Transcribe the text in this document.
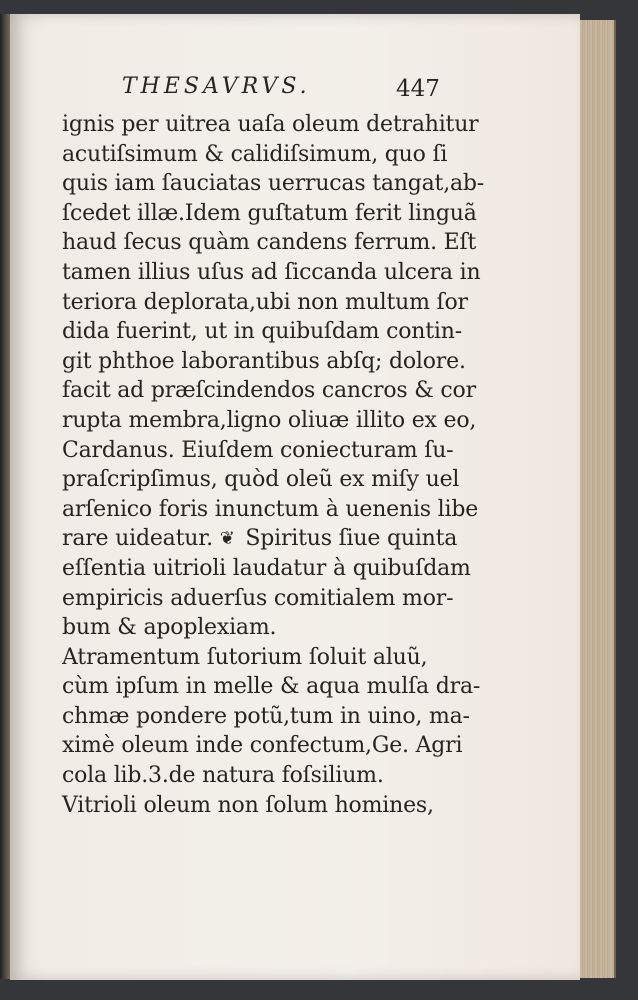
THESAVRVS.	447
ignis per uitrea uaſa oleum detrahitur
acutiſsimum & calidiſsimum, quo ſi
quis iam ſauciatas uerrucas tangat,ab-
ſcedet illæ.Idem guſtatum ferit linguã
haud ſecus quàm candens ferrum. Eſt
tamen illius uſus ad ſiccanda ulcera in
teriora deplorata,ubi non multum ſor
dida fuerint, ut in quibuſdam contin-
git phthoe laborantibus abſq; dolore.
facit ad præſcindendos cancros & cor
rupta membra,ligno oliuæ illito ex eo,
Cardanus. Eiuſdem coniecturam ſu-
praſcripſimus, quòd oleũ ex miſy uel
arſenico foris inunctum à uenenis libe
rare uideatur. ❦ Spiritus ſiue quinta
eſſentia uitrioli laudatur à quibuſdam
empiricis aduerſus comitialem mor-
bum & apoplexiam.
Atramentum ſutorium ſoluit aluũ,
cùm ipſum in melle & aqua mulſa dra-
chmæ pondere potũ,tum in uino, ma-
ximè oleum inde confectum,Ge. Agri
cola lib.3.de natura foſsilium.
Vitrioli oleum non ſolum homines,
